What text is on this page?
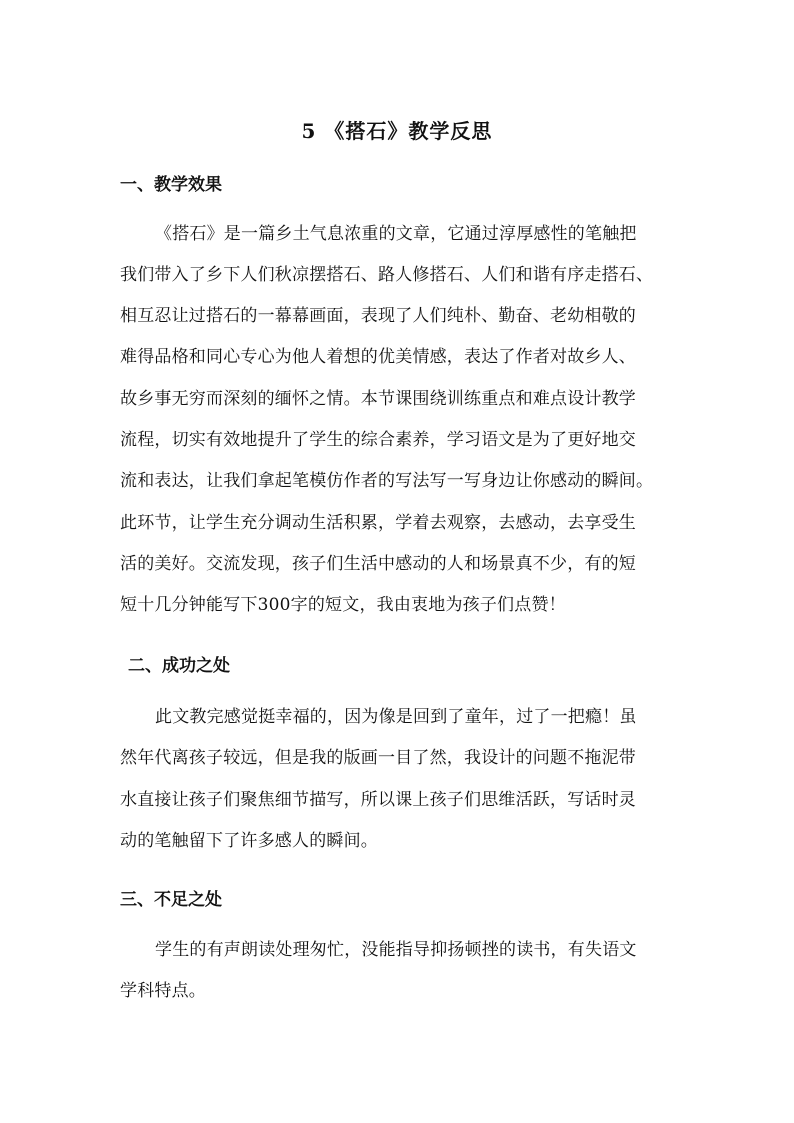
5 《搭石》教学反思
一、教学效果
《搭石》是一篇乡土气息浓重的文章，它通过淳厚感性的笔触把
我们带入了乡下人们秋凉摆搭石、路人修搭石、人们和谐有序走搭石、
相互忍让过搭石的一幕幕画面，表现了人们纯朴、勤奋、老幼相敬的
难得品格和同心专心为他人着想的优美情感，表达了作者对故乡人、
故乡事无穷而深刻的缅怀之情。本节课围绕训练重点和难点设计教学
流程，切实有效地提升了学生的综合素养，学习语文是为了更好地交
流和表达，让我们拿起笔模仿作者的写法写一写身边让你感动的瞬间。
此环节，让学生充分调动生活积累，学着去观察，去感动，去享受生
活的美好。交流发现，孩子们生活中感动的人和场景真不少，有的短
短十几分钟能写下300字的短文，我由衷地为孩子们点赞！
二、成功之处
此文教完感觉挺幸福的，因为像是回到了童年，过了一把瘾！虽
然年代离孩子较远，但是我的版画一目了然，我设计的问题不拖泥带
水直接让孩子们聚焦细节描写，所以课上孩子们思维活跃，写话时灵
动的笔触留下了许多感人的瞬间。
三、不足之处
学生的有声朗读处理匆忙，没能指导抑扬顿挫的读书，有失语文
学科特点。
